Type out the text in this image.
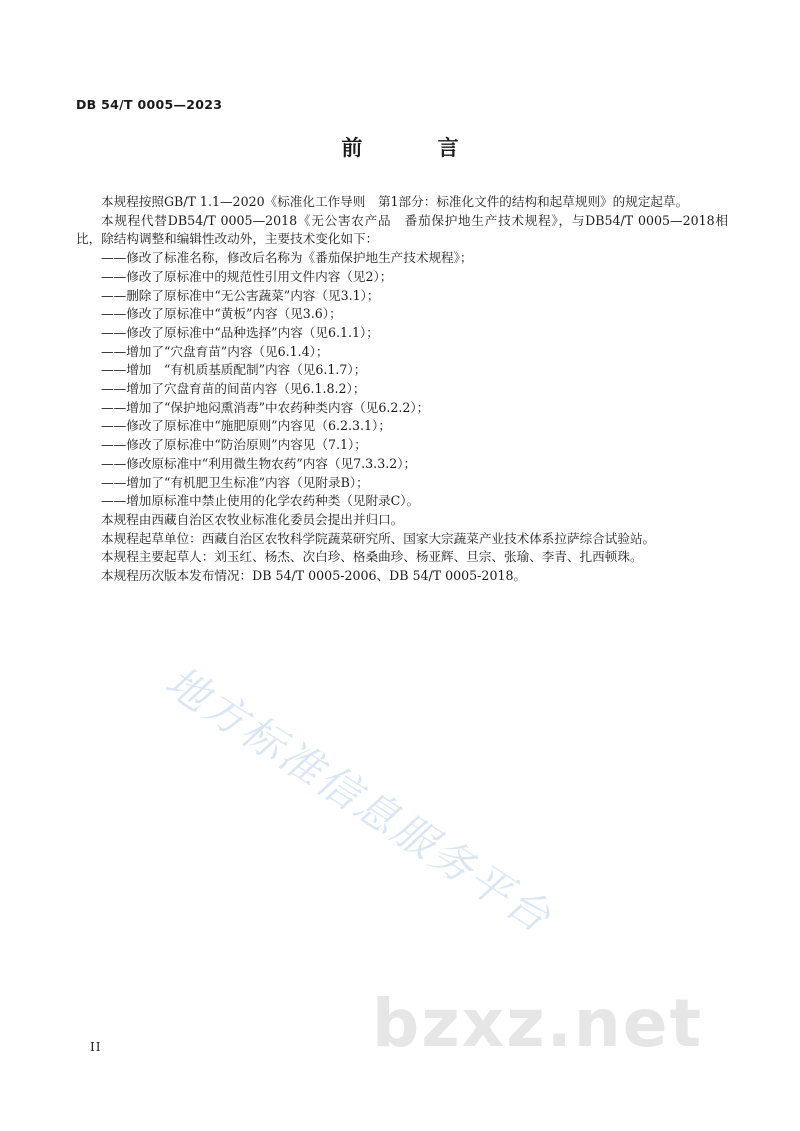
DB 54/T 0005—2023
前 言

本规程按照GB/T 1.1—2020《标准化工作导则　第1部分：标准化文件的结构和起草规则》的规定起草。

本规程代替DB54/T 0005—2018《无公害农产品　番茄保护地生产技术规程》，与DB54/T 0005—2018相比，除结构调整和编辑性改动外，主要技术变化如下：

——修改了标准名称，修改后名称为《番茄保护地生产技术规程》；
——修改了原标准中的规范性引用文件内容（见2）；
——删除了原标准中“无公害蔬菜”内容（见3.1）；
——修改了原标准中“黄板”内容（见3.6）；
——修改了原标准中“品种选择”内容（见6.1.1）；
——增加了“穴盘育苗”内容（见6.1.4）；
——增加　“有机质基质配制”内容（见6.1.7）；
——增加了穴盘育苗的间苗内容（见6.1.8.2）；
——增加了“保护地闷熏消毒”中农药种类内容（见6.2.2）；
——修改了原标准中“施肥原则”内容见（6.2.3.1）；
——修改了原标准中“防治原则”内容见（7.1）；
——修改原标准中“利用微生物农药”内容（见7.3.3.2）；
——增加了“有机肥卫生标准”内容（见附录B）；
——增加原标准中禁止使用的化学农药种类（见附录C）。

本规程由西藏自治区农牧业标准化委员会提出并归口。

本规程起草单位：西藏自治区农牧科学院蔬菜研究所、国家大宗蔬菜产业技术体系拉萨综合试验站。

本规程主要起草人：刘玉红、杨杰、次白珍、格桑曲珍、杨亚辉、旦宗、张瑜、李青、扎西顿珠。

本规程历次版本发布情况：DB 54/T 0005-2006、DB 54/T 0005-2018。

地方标准信息服务平台
bzxz.net
II
